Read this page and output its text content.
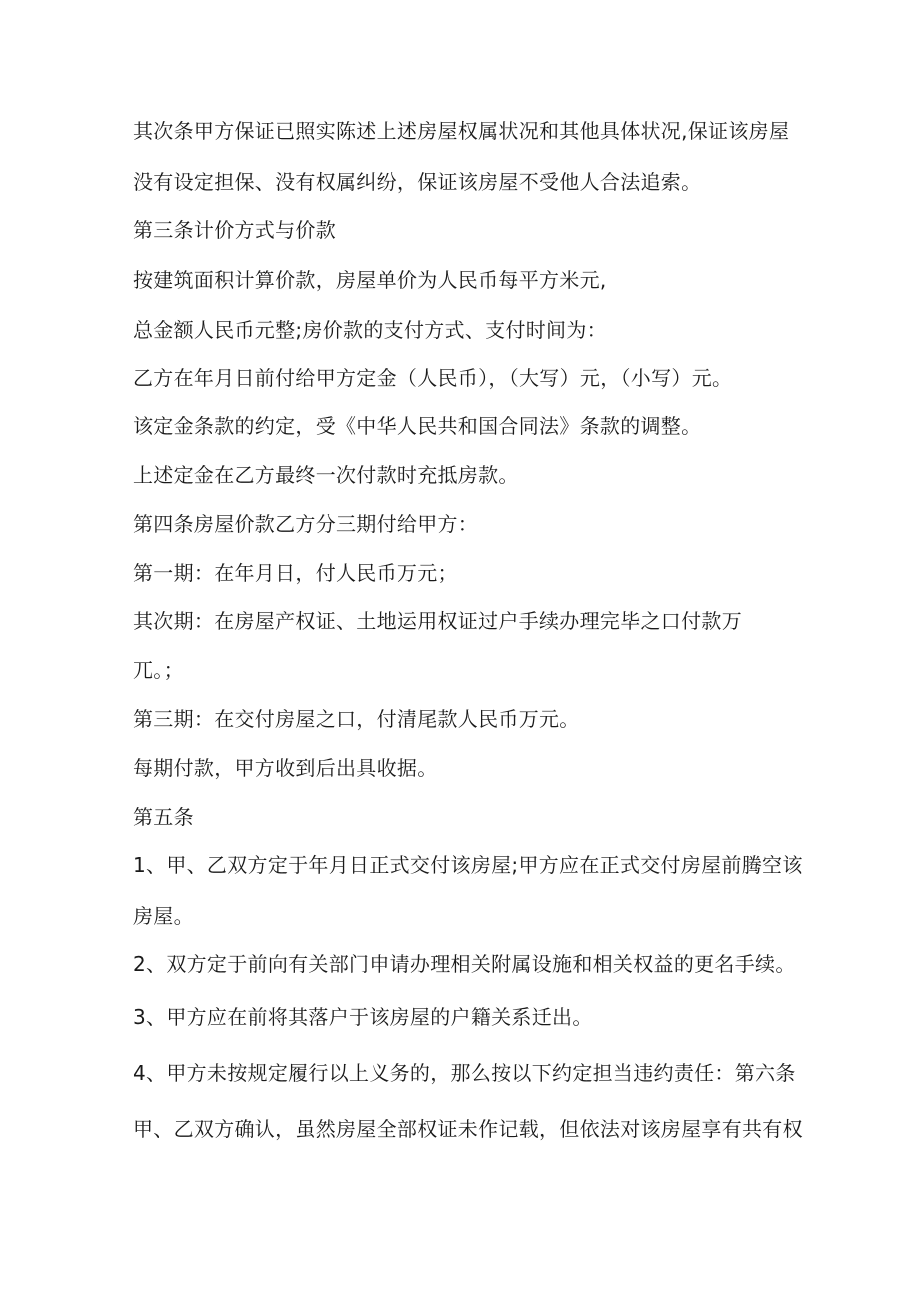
其次条甲方保证已照实陈述上述房屋权属状况和其他具体状况,保证该房屋

没有设定担保、没有权属纠纷，保证该房屋不受他人合法追索。

第三条计价方式与价款

按建筑面积计算价款，房屋单价为人民币每平方米元,

总金额人民币元整;房价款的支付方式、支付时间为：

乙方在年月日前付给甲方定金（人民币），（大写）元，（小写）元。

该定金条款的约定，受《中华人民共和国合同法》条款的调整。

上述定金在乙方最终一次付款时充抵房款。

第四条房屋价款乙方分三期付给甲方：

第一期：在年月日，付人民币万元；

其次期：在房屋产权证、土地运用权证过户手续办理完毕之口付款万

兀。；

第三期：在交付房屋之口，付清尾款人民币万元。

每期付款，甲方收到后出具收据。

第五条

1、甲、乙双方定于年月日正式交付该房屋;甲方应在正式交付房屋前腾空该

房屋。

2、双方定于前向有关部门申请办理相关附属设施和相关权益的更名手续。

3、甲方应在前将其落户于该房屋的户籍关系迁出。

4、甲方未按规定履行以上义务的，那么按以下约定担当违约责任：第六条

甲、乙双方确认，虽然房屋全部权证未作记载，但依法对该房屋享有共有权
